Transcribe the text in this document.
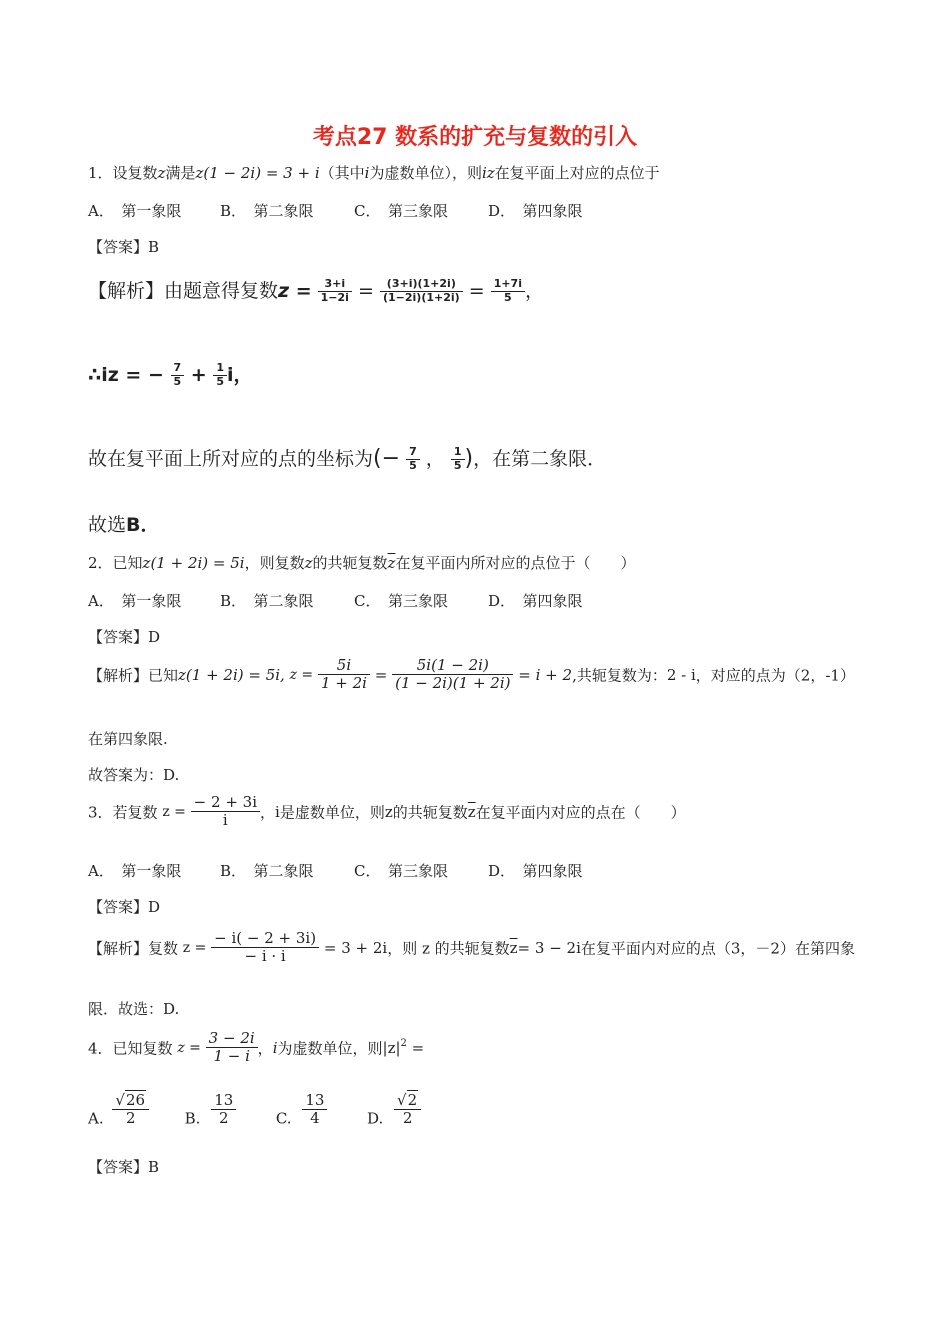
考点27 数系的扩充与复数的引入
1．设复数z满是z(1 − 2i) = 3 + i（其中i为虚数单位），则iz在复平面上对应的点位于
A．　第一象限	B．　第二象限	C．　第三象限	D．　第四象限
【答案】B
【解析】由题意得复数$z = \frac{3+i}{1-2i} = \frac{(3+i)(1+2i)}{(1-2i)(1+2i)} = \frac{1+7i}{5}$ ，
∴iz = − $\frac{7}{5} + \frac{1}{5}$ i，
故在复平面上所对应的点的坐标为(− $\frac{7}{5}$ ， $\frac{1}{5}$ )，在第二象限．
故选B．
2．已知z(1 + 2i) = 5i，则复数z的共轭复数$\overline{z}$在复平面内所对应的点位于（　　）
A．　第一象限	B．　第二象限	C．　第三象限	D．　第四象限
【答案】D
【解析】已知z(1 + 2i) = 5i, $z = \frac{5i}{1 + 2i} = \frac{5i(1 - 2i)}{(1 - 2i)(1 + 2i)} = i + 2$,共轭复数为：2 - i，对应的点为（2，-1）
在第四象限.
故答案为：D.
3．若复数 $z = \frac{- 2 + 3i}{i}$ ，i是虚数单位，则z的共轭复数$\overline{z}$在复平面内对应的点在（　　）
A．　第一象限	B．　第二象限	C．　第三象限	D．　第四象限
【答案】D
【解析】复数 $z = \frac{- i( - 2 + 3i)}{- i \cdot i} = 3 + 2i$，则 z 的共轭复数$\overline{z}= 3 - 2i$在复平面内对应的点（3，－2）在第四象
限．故选：D.
4．已知复数 $z = \frac{3 - 2i}{1 - i}$ ，i为虚数单位，则$|z|^2$ =
A. $\frac{√26}{2} B$. $\frac{13}{2}$	C. $\frac{13}{4}$	D. $\frac{√2}{2}$
【答案】B
